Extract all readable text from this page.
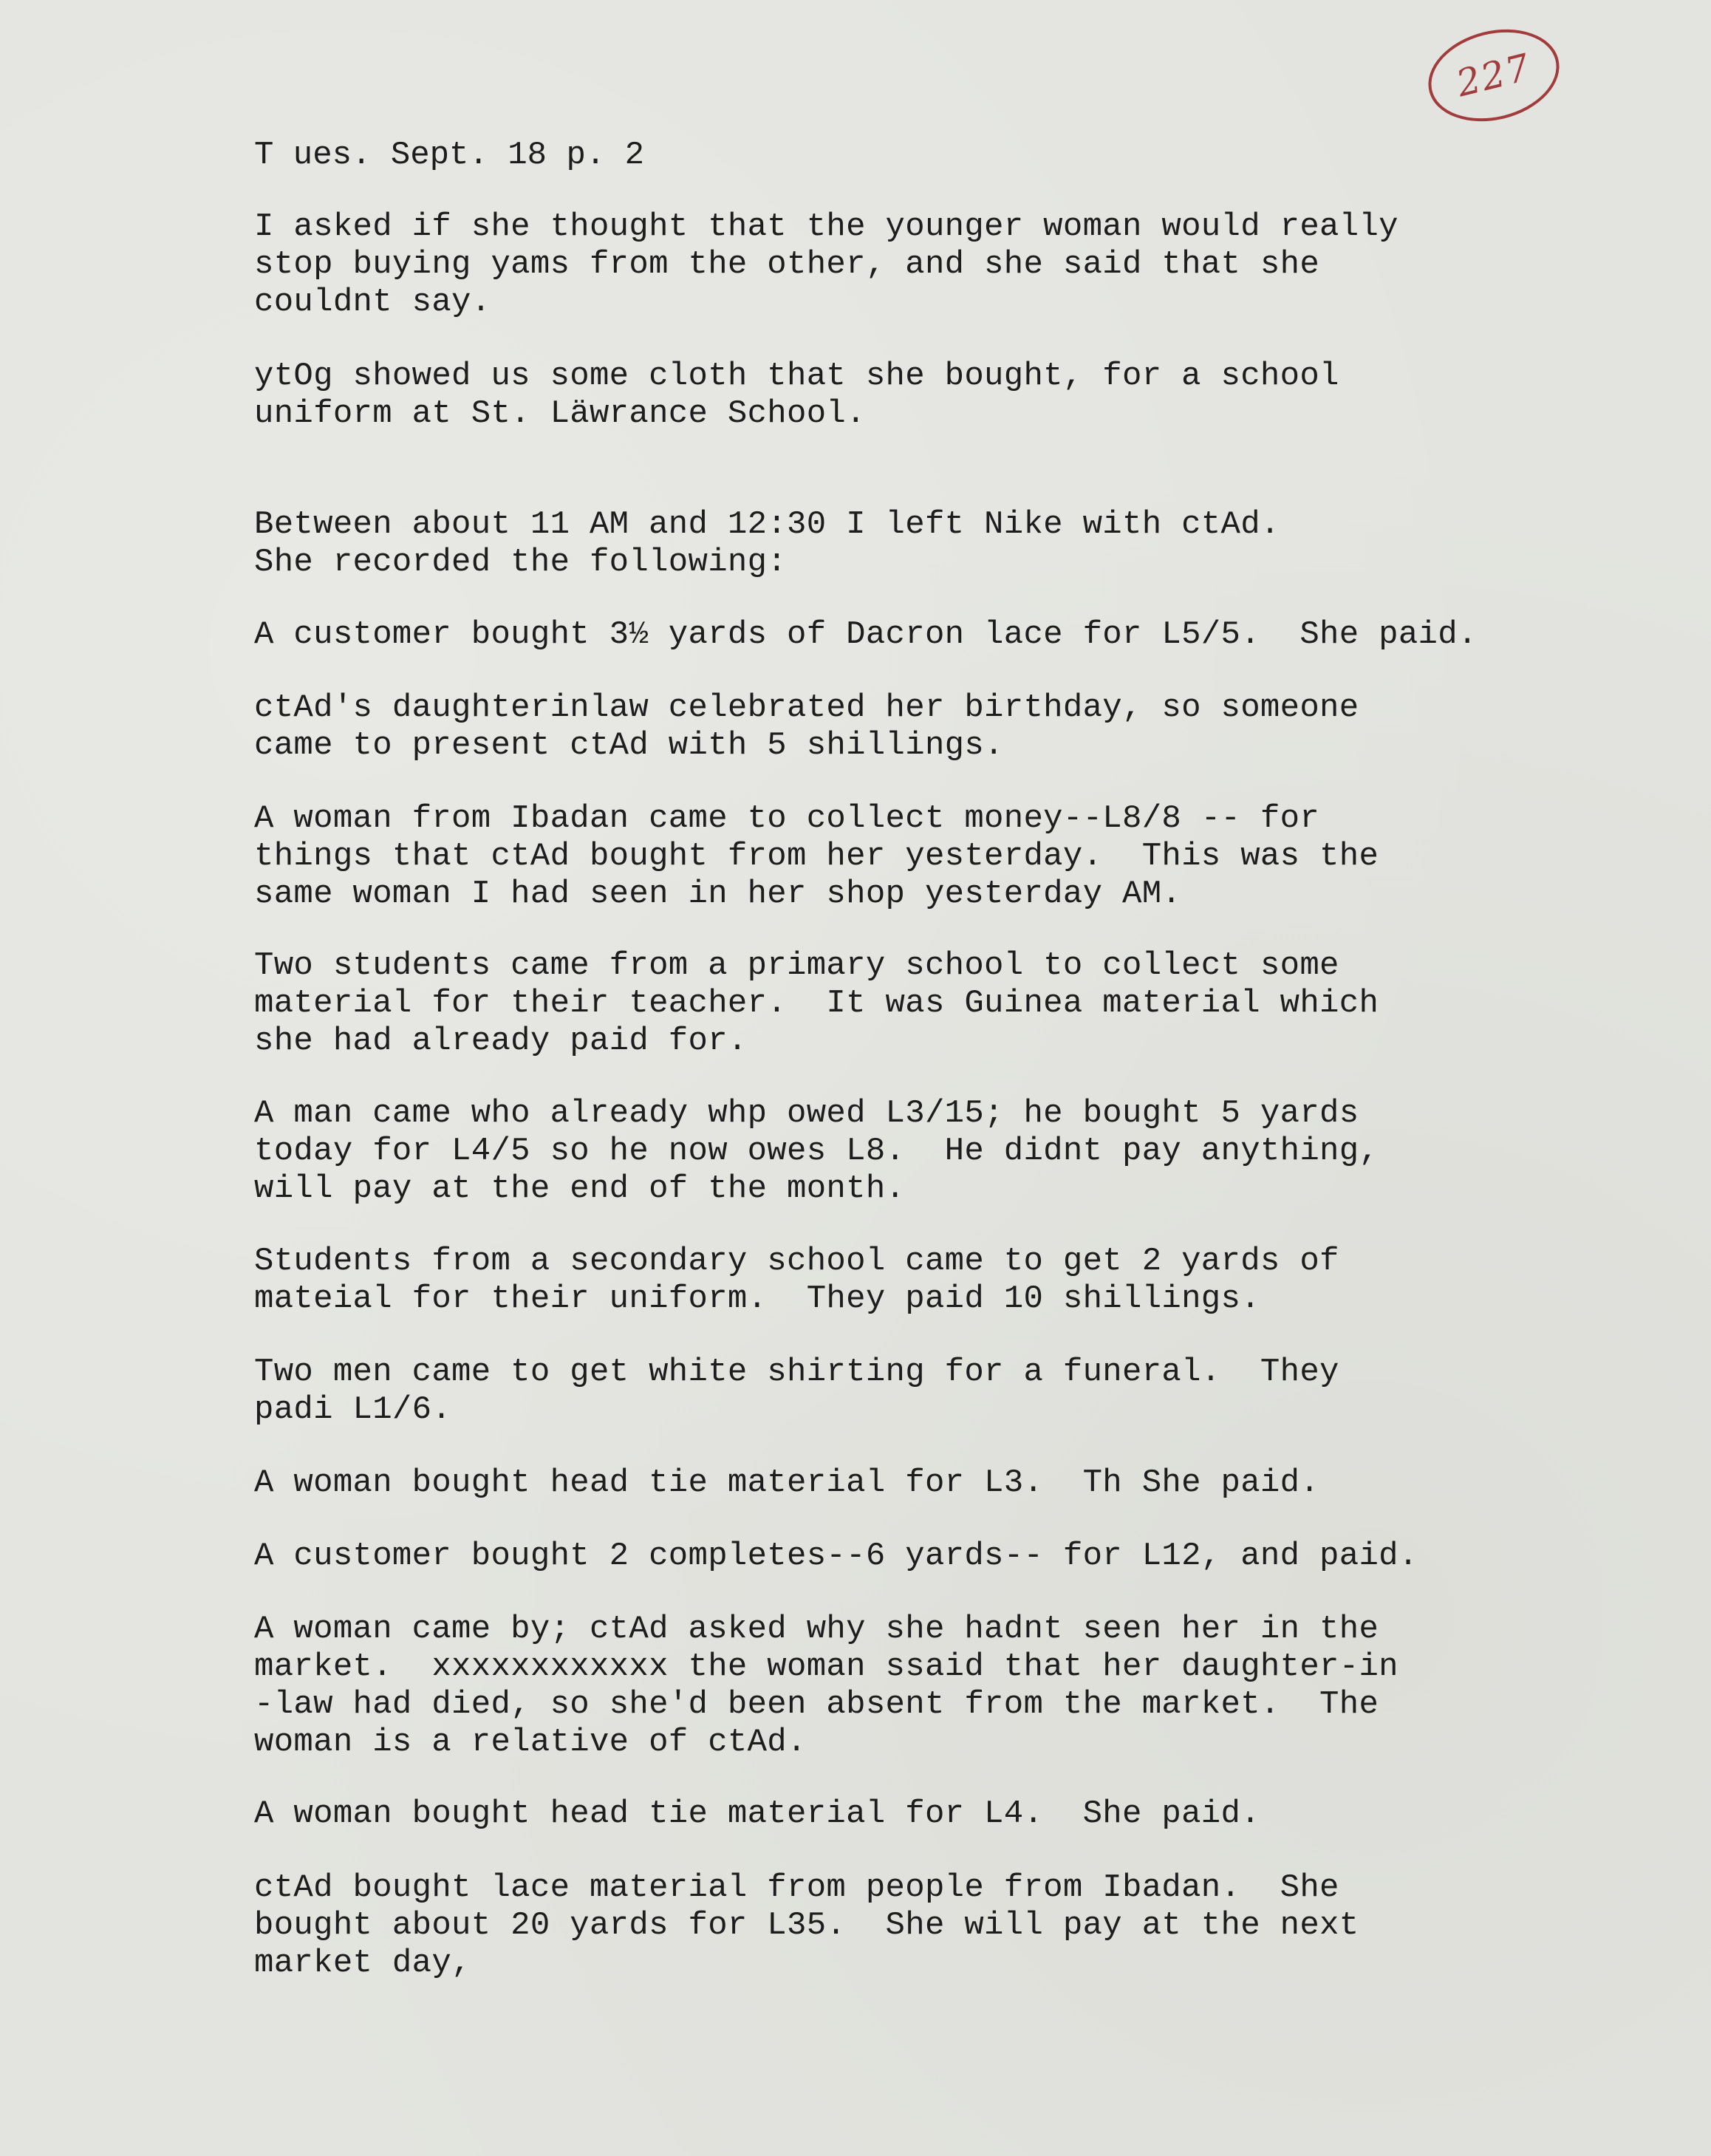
227
T ues. Sept. 18 p. 2

I asked if she thought that the younger woman would really
stop buying yams from the other, and she said that she
couldnt say.

ytOg showed us some cloth that she bought, for a school
uniform at St. Läwrance School.

Between about 11 AM and 12:30 I left Nike with ctAd.
She recorded the following:

A customer bought 3½ yards of Dacron lace for L5/5.  She paid.

ctAd's daughterinlaw celebrated her birthday, so someone
came to present ctAd with 5 shillings.

A woman from Ibadan came to collect money--L8/8 -- for
things that ctAd bought from her yesterday.  This was the
same woman I had seen in her shop yesterday AM.

Two students came from a primary school to collect some
material for their teacher.  It was Guinea material which
she had already paid for.

A man came who already whp owed L3/15; he bought 5 yards
today for L4/5 so he now owes L8.  He didnt pay anything,
will pay at the end of the month.

Students from a secondary school came to get 2 yards of
mateial for their uniform.  They paid 10 shillings.

Two men came to get white shirting for a funeral.  They
padi L1/6.

A woman bought head tie material for L3.  Th She paid.

A customer bought 2 completes--6 yards-- for L12, and paid.

A woman came by; ctAd asked why she hadnt seen her in the
market.  xxxxxxxxxxxx the woman ssaid that her daughter-in
-law had died, so she'd been absent from the market.  The
woman is a relative of ctAd.

A woman bought head tie material for L4.  She paid.

ctAd bought lace material from people from Ibadan.  She
bought about 20 yards for L35.  She will pay at the next
market day,
